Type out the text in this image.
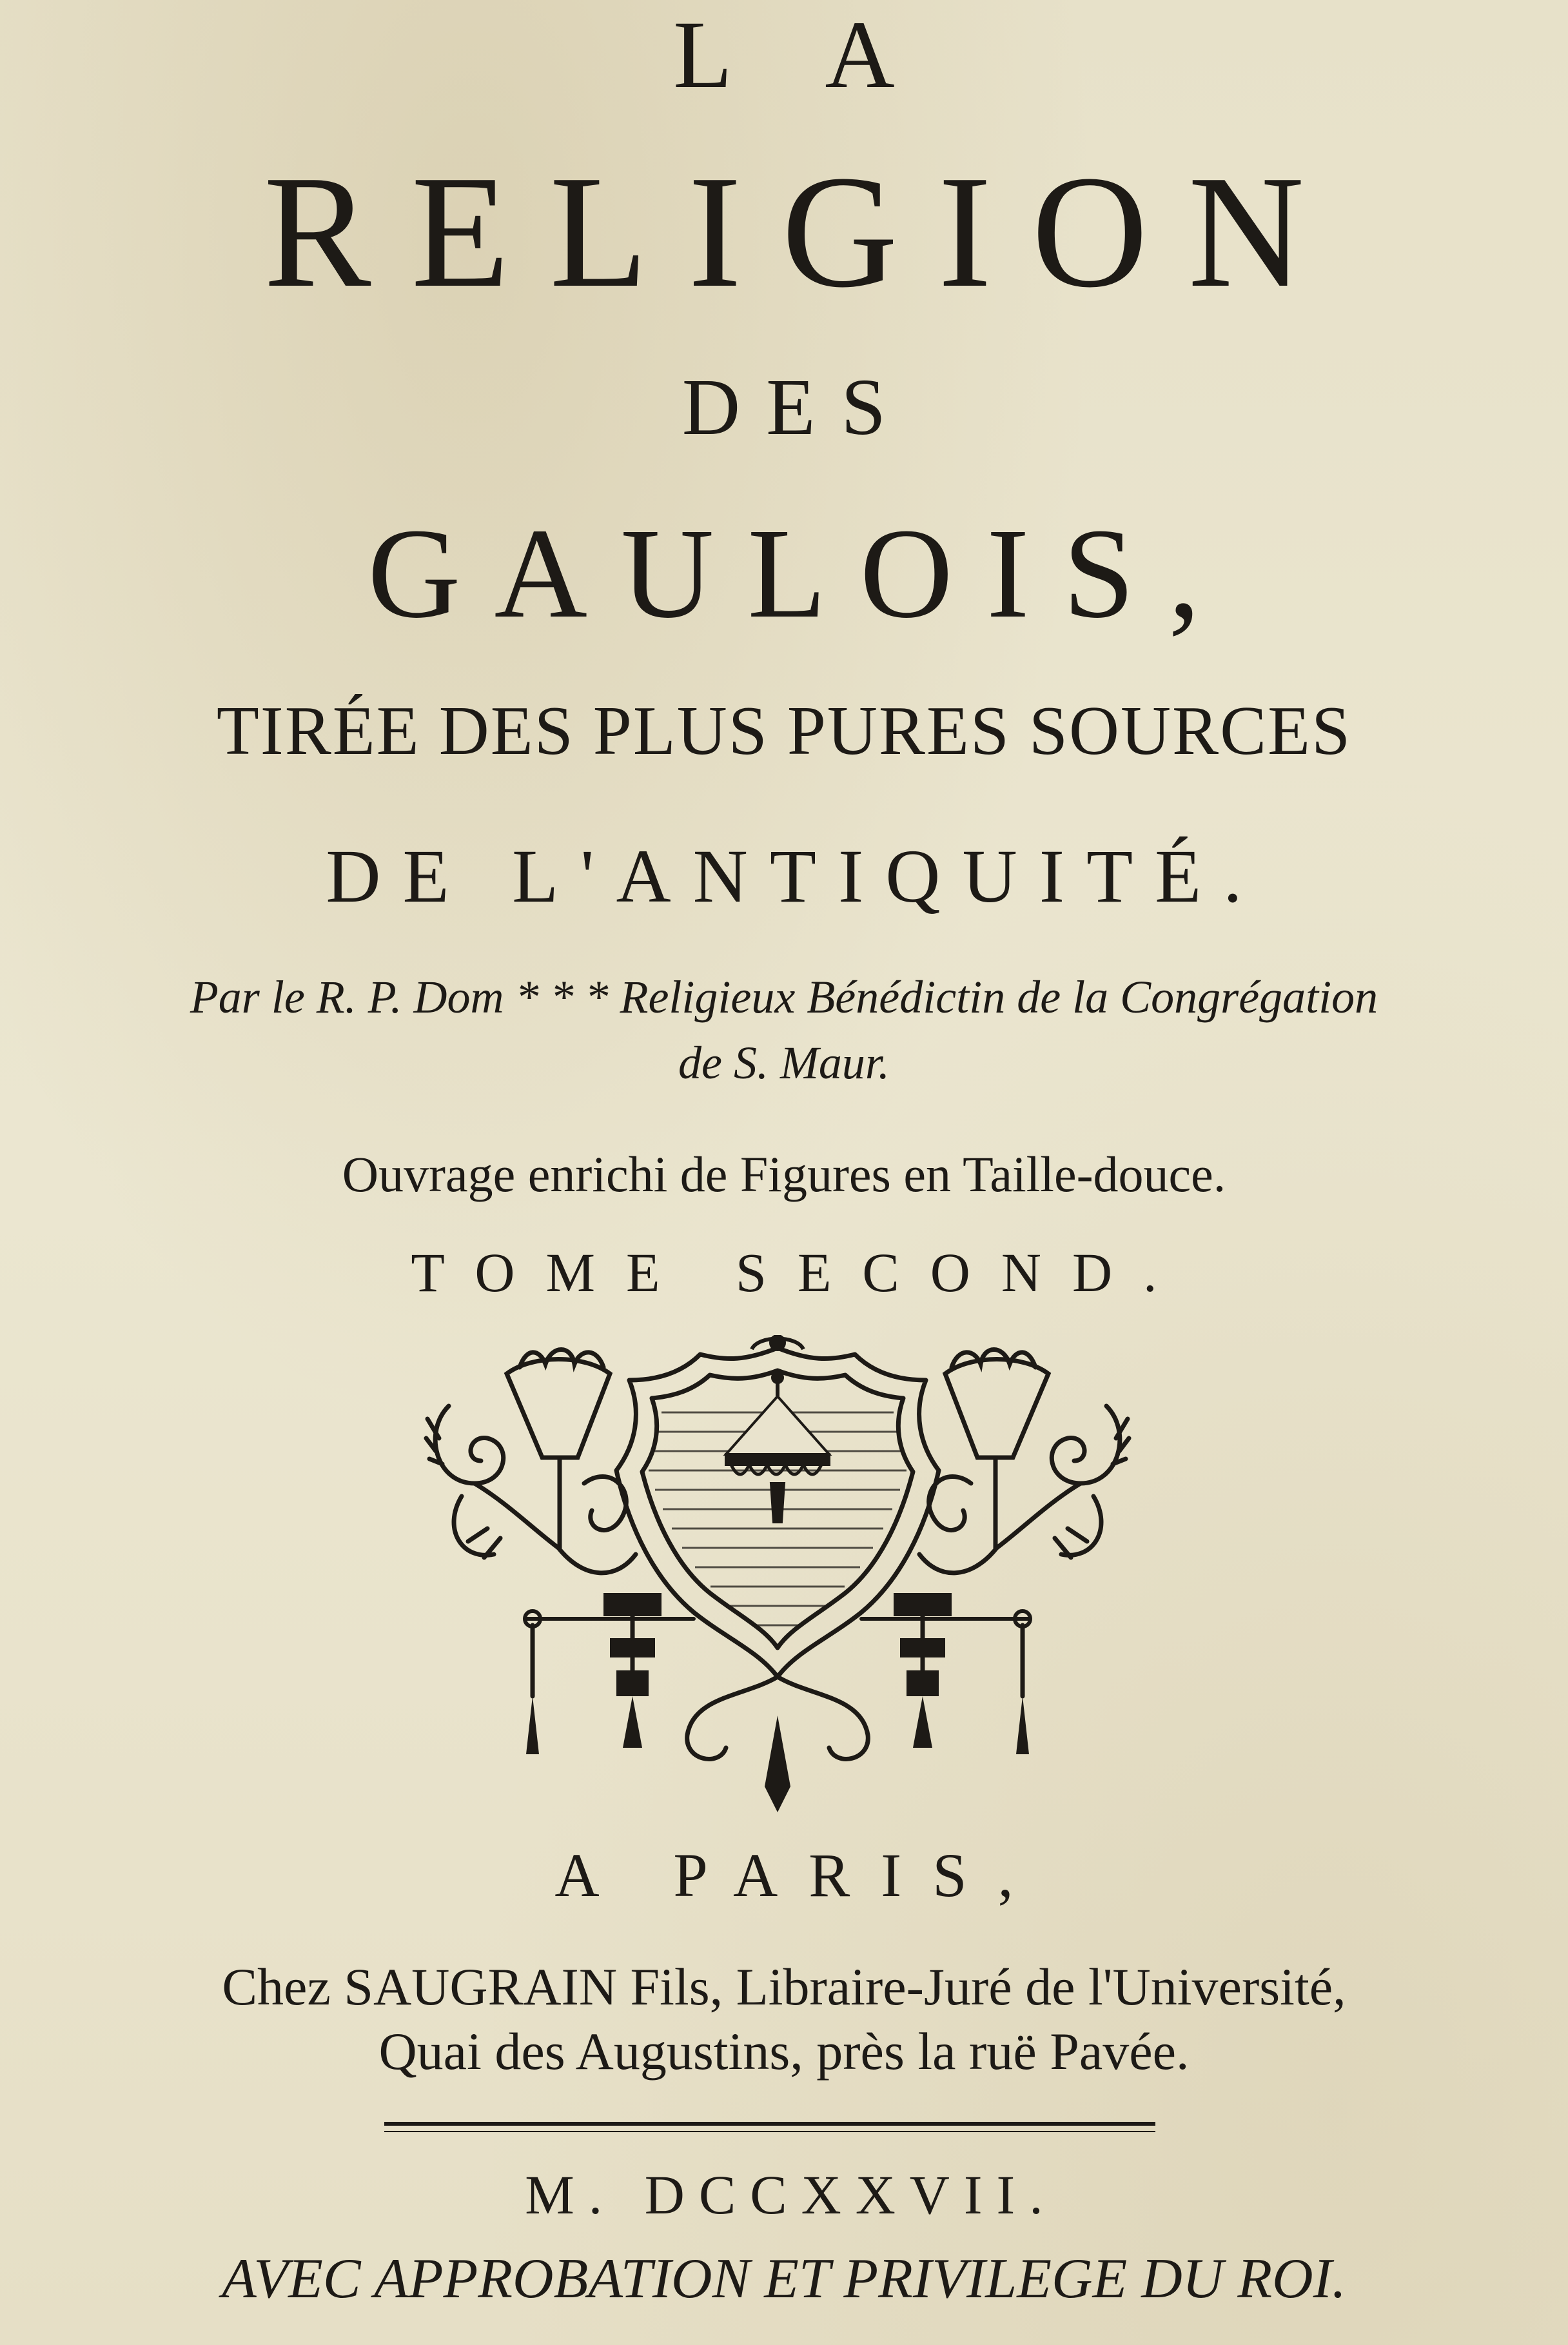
L A
RELIGION
DES
GAULOIS,
TIRÉE DES PLUS PURES SOURCES
DE L'ANTIQUITÉ.
Par le R. P. Dom * * * Religieux Bénédictin de la Congrégation
de S. Maur.
Ouvrage enrichi de Figures en Taille-douce.
TOME SECOND.
A PARIS,
Chez SAUGRAIN Fils, Libraire-Juré de l'Université,
Quai des Augustins, près la ruë Pavée.
M. DCCXXVII.
AVEC APPROBATION ET PRIVILEGE DU ROI.
